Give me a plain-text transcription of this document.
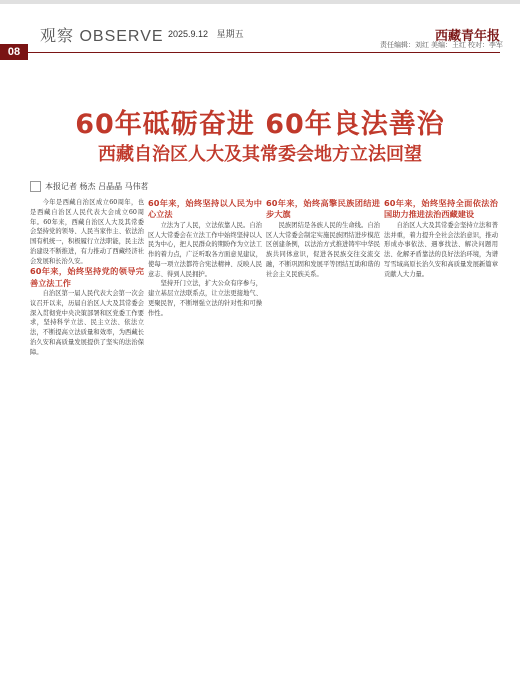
观察 OBSERVE 2025.9.12 星期五	西藏青年报
08
责任编辑：刘红 美编：王红 校对：李军
60年砥砺奋进 60年良法善治
西藏自治区人大及其常委会地方立法回望
本报记者 杨杰 吕晶晶 马伟茗

今年是西藏自治区成立60周年，也是西藏自治区人民代表大会成立60周年。60年来，西藏自治区人大及其常委会坚持党的领导、人民当家作主、依法治国有机统一，积极履行立法职能，民主法治建设不断推进，有力推动了西藏经济社会发展和长治久安。

60年来，始终坚持党的领导完善立法工作

自治区第一届人民代表大会第一次会议召开以来，历届自治区人大及其常委会深入贯彻党中央决策部署和区党委工作要求，坚持科学立法、民主立法、依法立法，不断提高立法质量和效率，为西藏长治久安和高质量发展提供了坚实的法治保障。

60年来，始终坚持以人民为中心立法

立法为了人民，立法依靠人民。自治区人大常委会在立法工作中始终坚持以人民为中心，把人民群众的期盼作为立法工作的着力点，广泛听取各方面意见建议，使每一项立法都符合宪法精神、反映人民意志、得到人民拥护。

坚持开门立法，扩大公众有序参与，建立基层立法联系点，让立法更接地气、更聚民智，不断增强立法的针对性和可操作性。

60年来，始终高擎民族团结进步大旗

民族团结是各族人民的生命线。自治区人大常委会制定实施民族团结进步模范区创建条例，以法治方式推进铸牢中华民族共同体意识，促进各民族交往交流交融，不断巩固和发展平等团结互助和谐的社会主义民族关系。

60年来，始终坚持全面依法治国助力推进法治西藏建设

自治区人大及其常委会坚持立法和普法并重，着力提升全社会法治意识，推动形成办事依法、遇事找法、解决问题用法、化解矛盾靠法的良好法治环境，为谱写雪域高原长治久安和高质量发展新篇章贡献人大力量。
